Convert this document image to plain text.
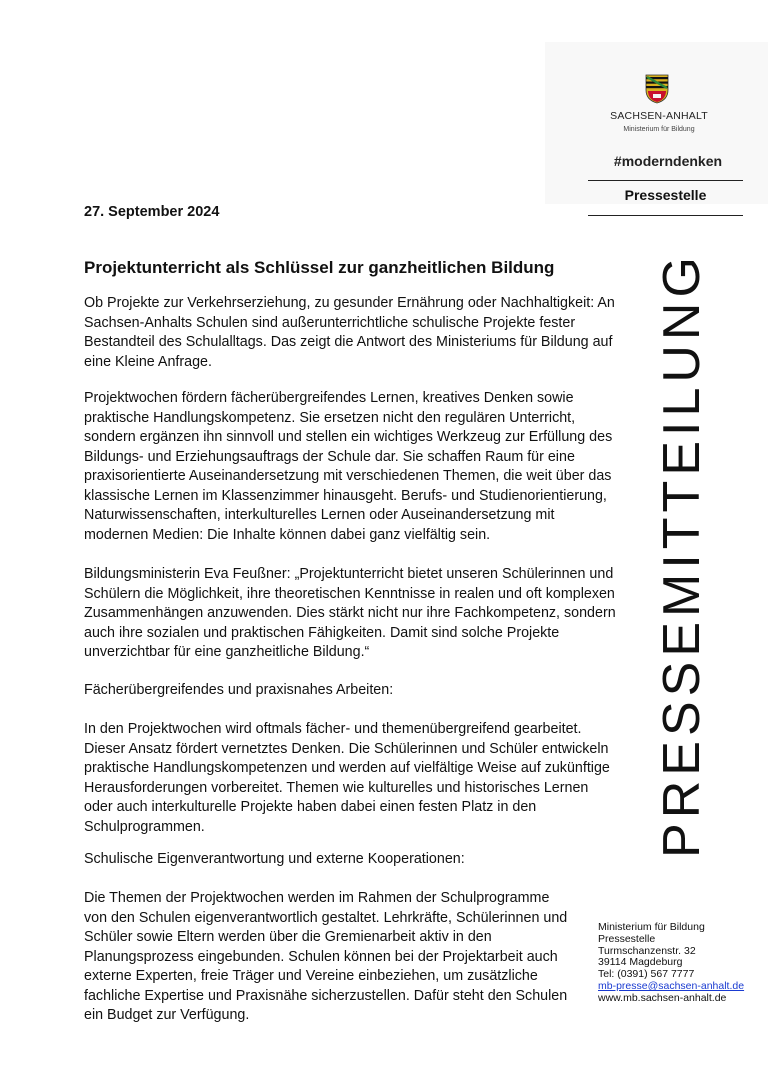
SACHSEN-ANHALT
Ministerium für Bildung
#moderndenken
Pressestelle
PRESSEMITTEILUNG
27. September 2024
Projektunterricht als Schlüssel zur ganzheitlichen Bildung
Ob Projekte zur Verkehrserziehung, zu gesunder Ernährung oder Nachhaltigkeit: An
Sachsen-Anhalts Schulen sind außerunterrichtliche schulische Projekte fester
Bestandteil des Schulalltags. Das zeigt die Antwort des Ministeriums für Bildung auf
eine Kleine Anfrage.
Projektwochen fördern fächerübergreifendes Lernen, kreatives Denken sowie
praktische Handlungskompetenz. Sie ersetzen nicht den regulären Unterricht,
sondern ergänzen ihn sinnvoll und stellen ein wichtiges Werkzeug zur Erfüllung des
Bildungs- und Erziehungsauftrags der Schule dar. Sie schaffen Raum für eine
praxisorientierte Auseinandersetzung mit verschiedenen Themen, die weit über das
klassische Lernen im Klassenzimmer hinausgeht. Berufs- und Studienorientierung,
Naturwissenschaften, interkulturelles Lernen oder Auseinandersetzung mit
modernen Medien: Die Inhalte können dabei ganz vielfältig sein.
Bildungsministerin Eva Feußner: „Projektunterricht bietet unseren Schülerinnen und
Schülern die Möglichkeit, ihre theoretischen Kenntnisse in realen und oft komplexen
Zusammenhängen anzuwenden. Dies stärkt nicht nur ihre Fachkompetenz, sondern
auch ihre sozialen und praktischen Fähigkeiten. Damit sind solche Projekte
unverzichtbar für eine ganzheitliche Bildung.“
Fächerübergreifendes und praxisnahes Arbeiten:
In den Projektwochen wird oftmals fächer- und themenübergreifend gearbeitet.
Dieser Ansatz fördert vernetztes Denken. Die Schülerinnen und Schüler entwickeln
praktische Handlungskompetenzen und werden auf vielfältige Weise auf zukünftige
Herausforderungen vorbereitet. Themen wie kulturelles und historisches Lernen
oder auch interkulturelle Projekte haben dabei einen festen Platz in den
Schulprogrammen.
Schulische Eigenverantwortung und externe Kooperationen:
Die Themen der Projektwochen werden im Rahmen der Schulprogramme
von den Schulen eigenverantwortlich gestaltet. Lehrkräfte, Schülerinnen und
Schüler sowie Eltern werden über die Gremienarbeit aktiv in den
Planungsprozess eingebunden. Schulen können bei der Projektarbeit auch
externe Experten, freie Träger und Vereine einbeziehen, um zusätzliche
fachliche Expertise und Praxisnähe sicherzustellen. Dafür steht den Schulen
ein Budget zur Verfügung.
Ministerium für Bildung
Pressestelle
Turmschanzenstr. 32
39114 Magdeburg
Tel: (0391) 567 7777
mb-presse@sachsen-anhalt.de
www.mb.sachsen-anhalt.de
